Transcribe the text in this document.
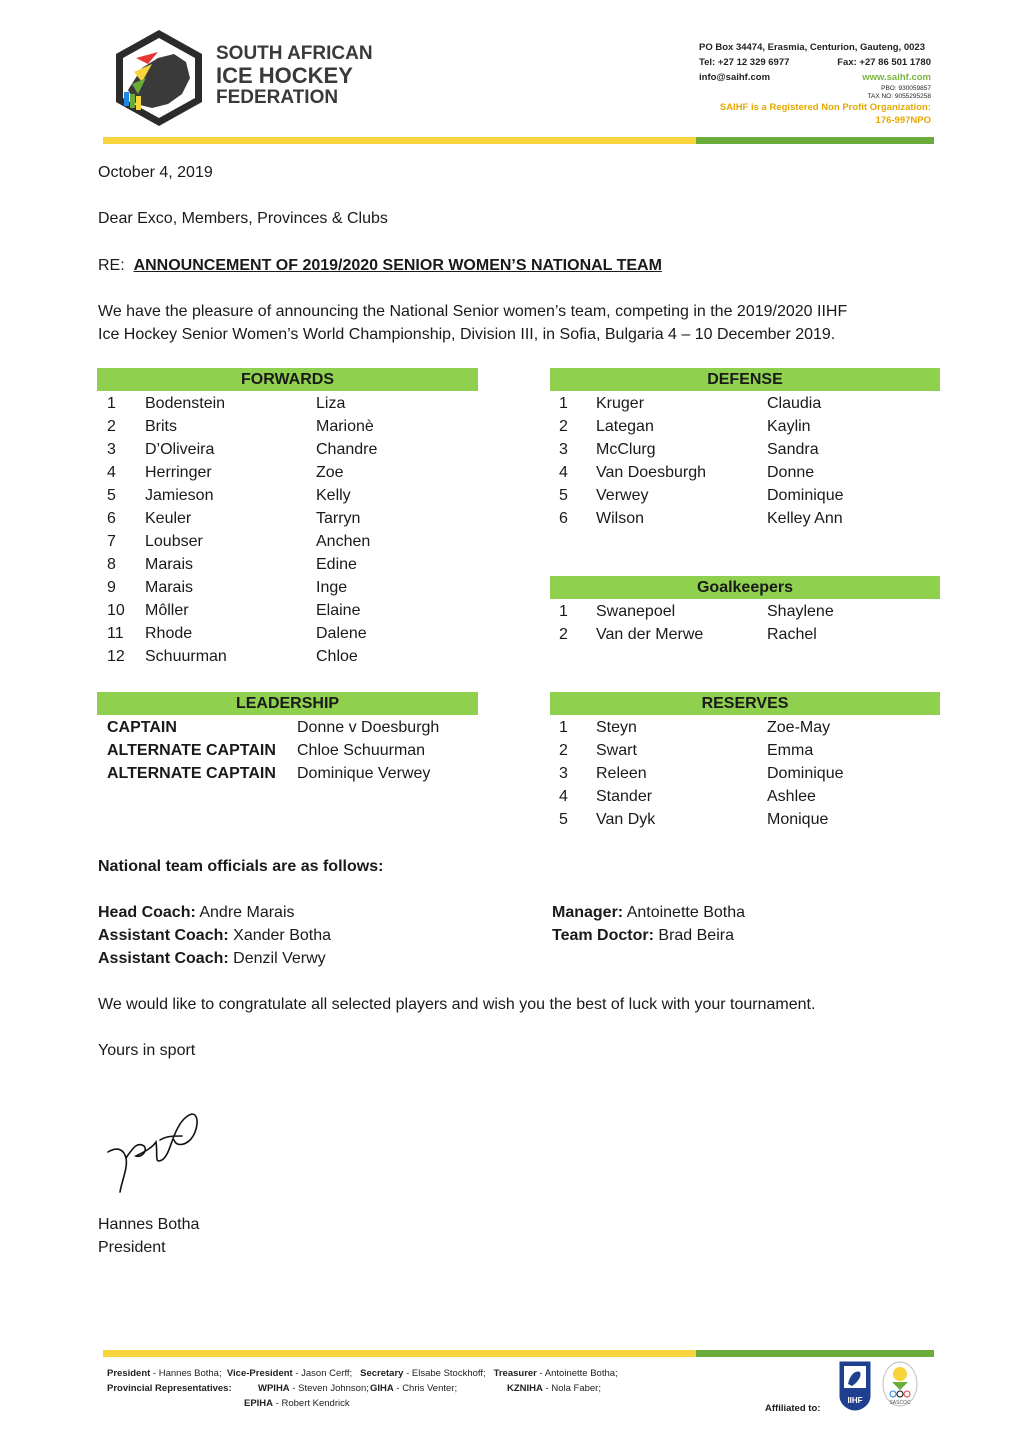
SOUTH AFRICAN
ICE HOCKEY
FEDERATION
PO Box 34474, Erasmia, Centurion, Gauteng, 0023
Tel: +27 12 329 6977	Fax: +27 86 501 1780
info@saihf.com	www.saihf.com
PBO: 930059857
TAX NO: 9055295258
SAIHF is a Registered Non Profit Organization:
176-997NPO
October 4, 2019
Dear Exco, Members, Provinces & Clubs
RE: ANNOUNCEMENT OF 2019/2020 SENIOR WOMEN’S NATIONAL TEAM
We have the pleasure of announcing the National Senior women’s team, competing in the 2019/2020 IIHF
Ice Hockey Senior Women’s World Championship, Division III, in Sofia, Bulgaria 4 – 10 December 2019.
FORWARDS
1 Bodenstein	Liza
2 Brits	Marionè
3 D’Oliveira	Chandre
4 Herringer	Zoe
5 Jamieson	Kelly
6 Keuler	Tarryn
7 Loubser	Anchen
8 Marais	Edine
9 Marais	Inge
10 Môller	Elaine
11 Rhode	Dalene
12 Schuurman	Chloe
DEFENSE
1 Kruger	Claudia
2 Lategan	Kaylin
3 McClurg	Sandra
4 Van Doesburgh	Donne
5 Verwey	Dominique
6 Wilson	Kelley Ann
Goalkeepers
1 Swanepoel	Shaylene
2 Van der Merwe	Rachel
LEADERSHIP
CAPTAIN	Donne v Doesburgh
ALTERNATE CAPTAIN Chloe Schuurman
ALTERNATE CAPTAIN Dominique Verwey
RESERVES
1 Steyn	Zoe-May
2 Swart	Emma
3 Releen	Dominique
4 Stander	Ashlee
5 Van Dyk	Monique
National team officials are as follows:
Head Coach: Andre Marais
Assistant Coach: Xander Botha
Assistant Coach: Denzil Verwy
Manager: Antoinette Botha
Team Doctor: Brad Beira
We would like to congratulate all selected players and wish you the best of luck with your tournament.
Yours in sport
Hannes Botha
President
President - Hannes Botha; Vice-President - Jason Cerff; Secretary - Elsabe Stockhoff; Treasurer - Antoinette Botha;
Provincial Representatives:	WPIHA - Steven Johnson; GIHA - Chris Venter;	KZNIHA - Nola Faber;
EPIHA - Robert Kendrick	Affiliated to:
IIHF	SASCOC
